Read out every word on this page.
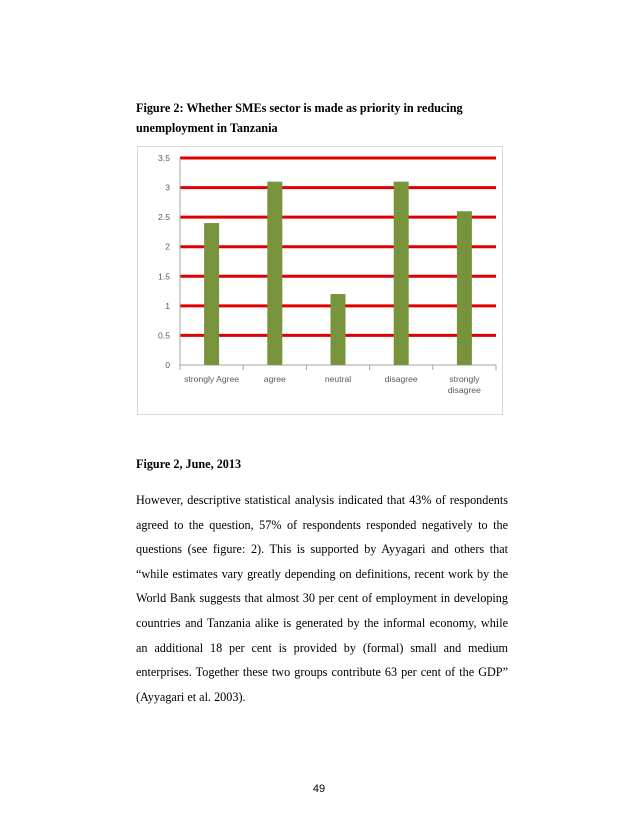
Figure 2: Whether SMEs sector is made as priority in reducing
unemployment in Tanzania
0
0.5
1
1.5
2
2.5
3
3.5
strongly Agree	agree	neutral	disagree	strongly
disagree
Figure 2, June, 2013

However, descriptive statistical analysis indicated that 43% of respondents agreed to the question, 57% of respondents responded negatively to the questions (see figure: 2). This is supported by Ayyagari and others that “while estimates vary greatly depending on definitions, recent work by the World Bank suggests that almost 30 per cent of employment in developing countries and Tanzania alike is generated by the informal economy, while an additional 18 per cent is provided by (formal) small and medium enterprises. Together these two groups contribute 63 per cent of the GDP” (Ayyagari et al. 2003).

49
